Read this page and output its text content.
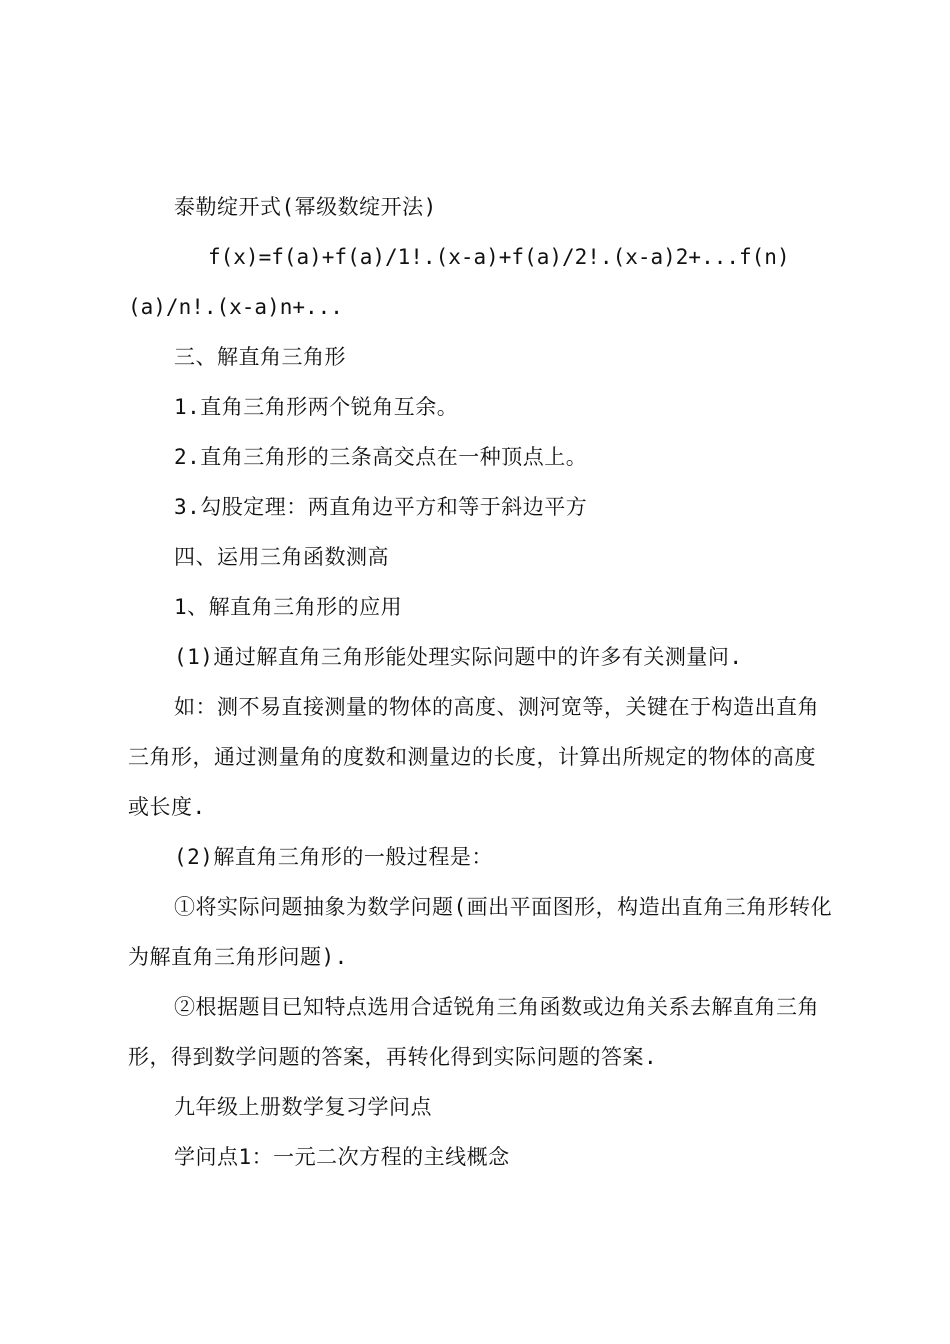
泰勒绽开式(幂级数绽开法)

f(x)=f(a)+f(a)/1!.(x-a)+f(a)/2!.(x-a)2+...f(n)(a)/n!.(x-a)n+...

三、解直角三角形

1.直角三角形两个锐角互余。

2.直角三角形的三条高交点在一种顶点上。

3.勾股定理：两直角边平方和等于斜边平方

四、运用三角函数测高

1、解直角三角形的应用

(1)通过解直角三角形能处理实际问题中的许多有关测量问.

如：测不易直接测量的物体的高度、测河宽等，关键在于构造出直角三角形，通过测量角的度数和测量边的长度，计算出所规定的物体的高度或长度.

(2)解直角三角形的一般过程是：

①将实际问题抽象为数学问题(画出平面图形，构造出直角三角形转化为解直角三角形问题).

②根据题目已知特点选用合适锐角三角函数或边角关系去解直角三角形，得到数学问题的答案，再转化得到实际问题的答案.

九年级上册数学复习学问点

学问点1：一元二次方程的主线概念
